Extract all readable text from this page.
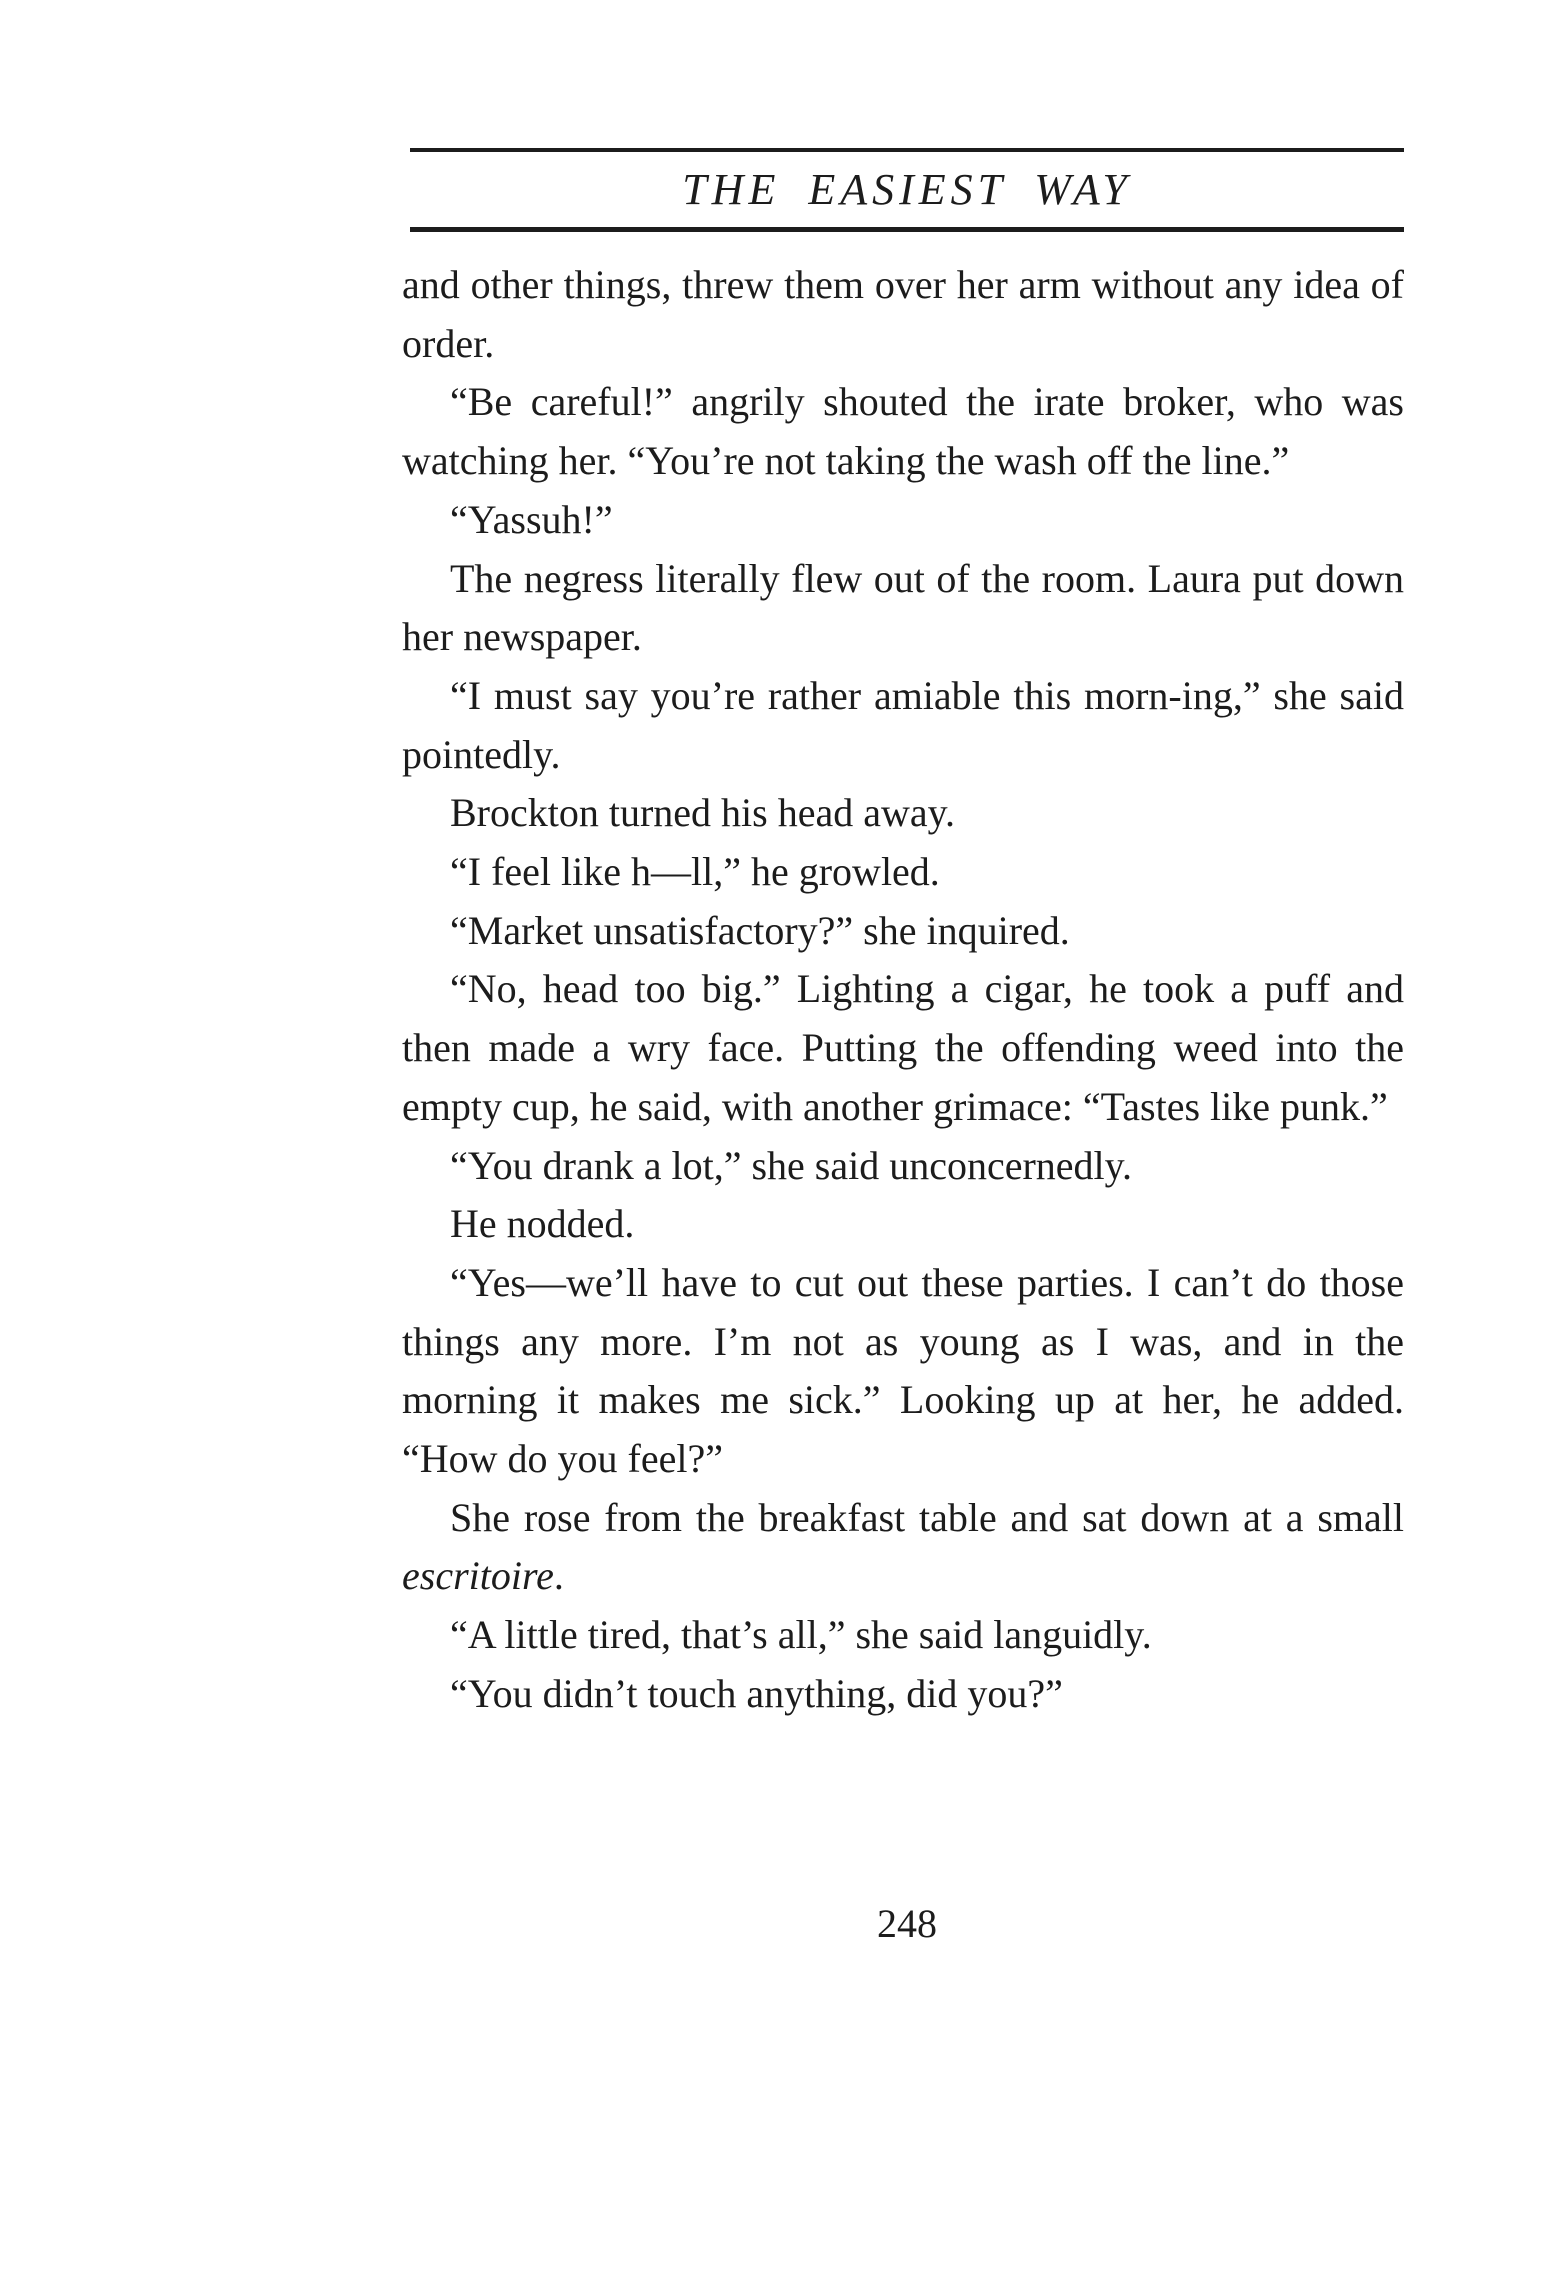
THE EASIEST WAY

and other things, threw them over her arm without any idea of order.

“Be careful!” angrily shouted the irate broker, who was watching her. “You’re not taking the wash off the line.”

“Yassuh!”

The negress literally flew out of the room. Laura put down her newspaper.

“I must say you’re rather amiable this morn-ing,” she said pointedly.

Brockton turned his head away.

“I feel like h—ll,” he growled.

“Market unsatisfactory?” she inquired.

“No, head too big.” Lighting a cigar, he took a puff and then made a wry face. Putting the offending weed into the empty cup, he said, with another grimace: “Tastes like punk.”

“You drank a lot,” she said unconcernedly.

He nodded.

“Yes—we’ll have to cut out these parties. I can’t do those things any more. I’m not as young as I was, and in the morning it makes me sick.” Looking up at her, he added. “How do you feel?”

She rose from the breakfast table and sat down at a small escritoire.

“A little tired, that’s all,” she said languidly.

“You didn’t touch anything, did you?”

248
